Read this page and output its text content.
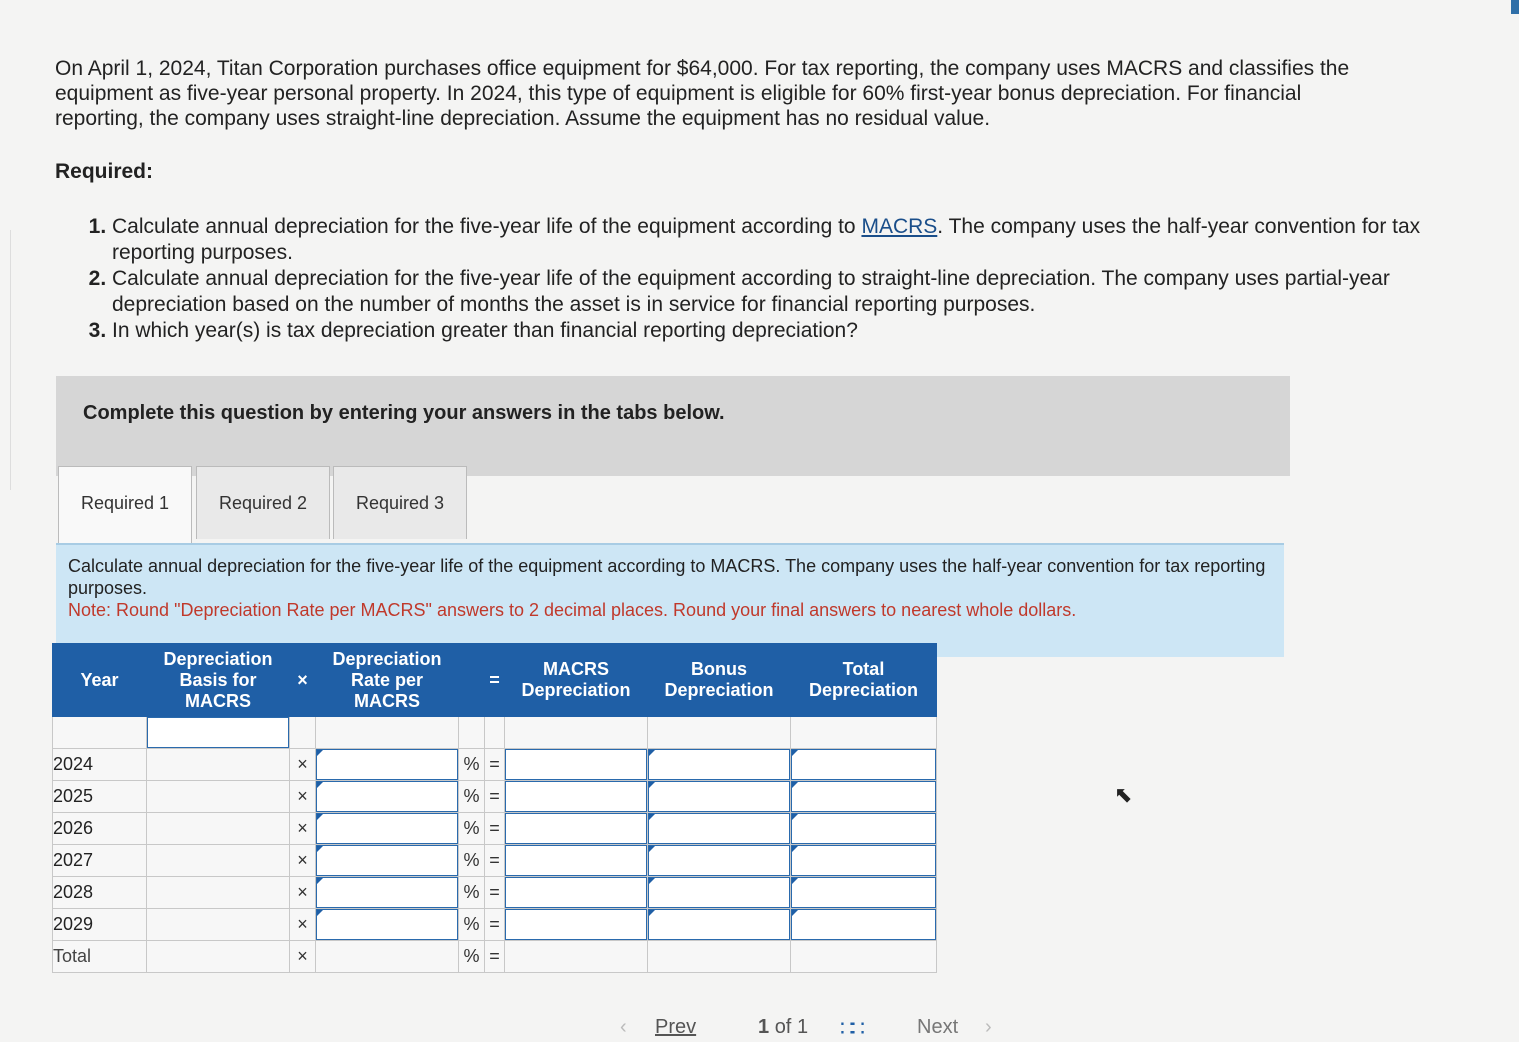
On April 1, 2024, Titan Corporation purchases office equipment for $64,000. For tax reporting, the company uses MACRS and classifies the equipment as five-year personal property. In 2024, this type of equipment is eligible for 60% first-year bonus depreciation. For financial reporting, the company uses straight-line depreciation. Assume the equipment has no residual value.

Required:
1. Calculate annual depreciation for the five-year life of the equipment according to MACRS. The company uses the half-year convention for tax reporting purposes.
2. Calculate annual depreciation for the five-year life of the equipment according to straight-line depreciation. The company uses partial-year depreciation based on the number of months the asset is in service for financial reporting purposes.
3. In which year(s) is tax depreciation greater than financial reporting depreciation?
Complete this question by entering your answers in the tabs below.
Required 1	Required 2	Required 3
Calculate annual depreciation for the five-year life of the equipment according to MACRS. The company uses the half-year convention for tax reporting purposes.
Note: Round "Depreciation Rate per MACRS" answers to 2 decimal places. Round your final answers to nearest whole dollars.
Year	Depreciation Basis for MACRS	×	Depreciation Rate per MACRS		=	MACRS Depreciation	Bonus Depreciation	Total Depreciation

2024		×		%	=	

2025		×		%	=	

2026		×		%	=	

2027		×		%	=	

2028		×		%	=	

2029		×		%	=	

Total		×		%	=			
⬉
‹ Prev	1 of 1 ∷∷	Next ›
